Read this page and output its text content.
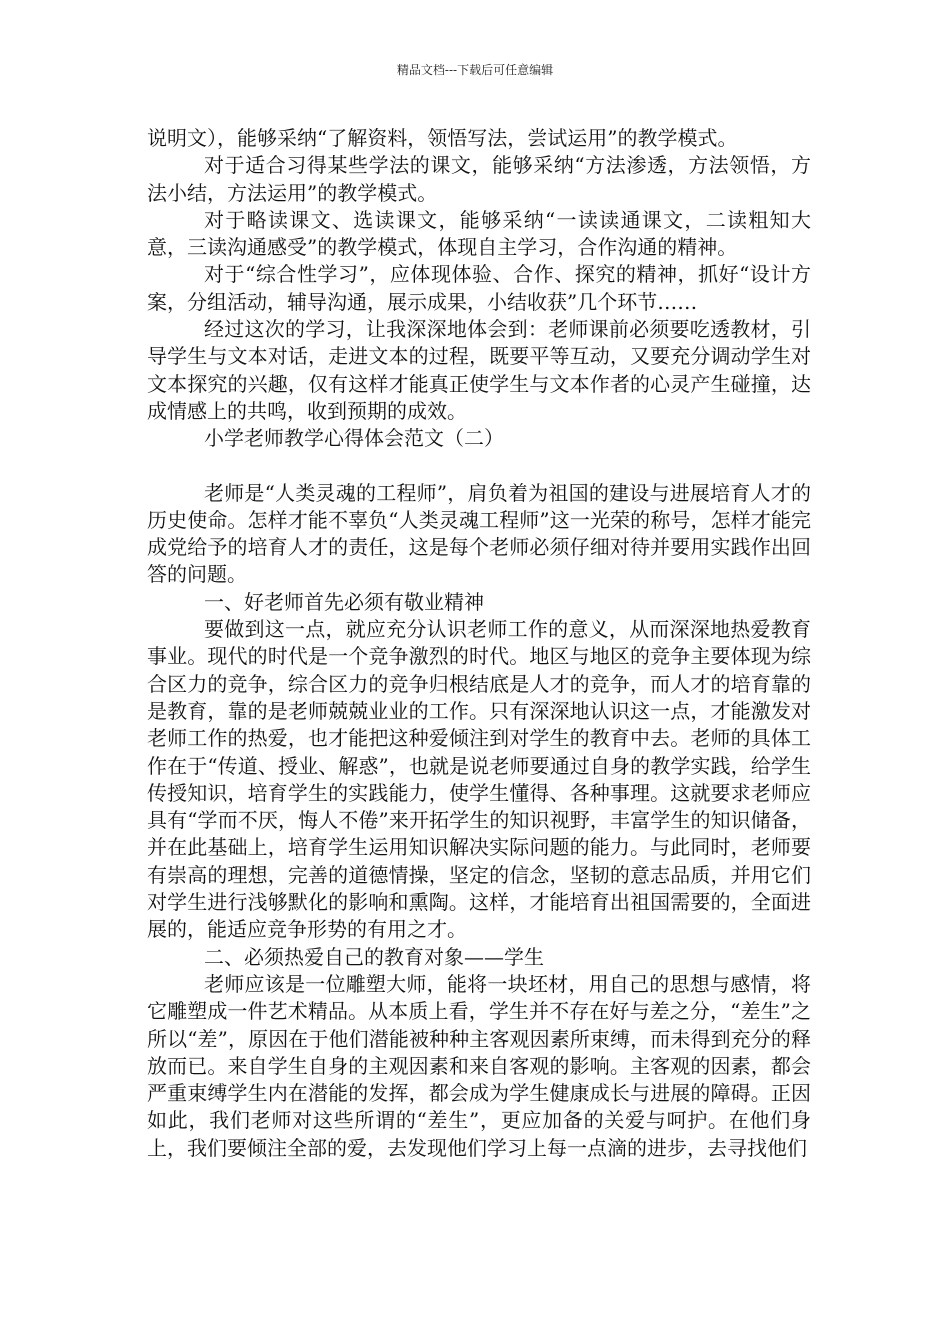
精品文档---下载后可任意编辑

说明文），能够采纳“了解资料，领悟写法，尝试运用”的教学模式。

对于适合习得某些学法的课文，能够采纳“方法渗透，方法领悟，方法小结，方法运用”的教学模式。

对于略读课文、选读课文，能够采纳“一读读通课文，二读粗知大意，三读沟通感受”的教学模式，体现自主学习，合作沟通的精神。

对于“综合性学习”，应体现体验、合作、探究的精神，抓好“设计方案，分组活动，辅导沟通，展示成果，小结收获”几个环节……

经过这次的学习，让我深深地体会到：老师课前必须要吃透教材，引导学生与文本对话，走进文本的过程，既要平等互动，又要充分调动学生对文本探究的兴趣，仅有这样才能真正使学生与文本作者的心灵产生碰撞，达成情感上的共鸣，收到预期的成效。

小学老师教学心得体会范文（二）

老师是“人类灵魂的工程师”，肩负着为祖国的建设与进展培育人才的历史使命。怎样才能不辜负“人类灵魂工程师”这一光荣的称号，怎样才能完成党给予的培育人才的责任，这是每个老师必须仔细对待并要用实践作出回答的问题。

一、好老师首先必须有敬业精神

要做到这一点，就应充分认识老师工作的意义，从而深深地热爱教育事业。现代的时代是一个竞争激烈的时代。地区与地区的竞争主要体现为综合区力的竞争，综合区力的竞争归根结底是人才的竞争，而人才的培育靠的是教育，靠的是老师兢兢业业的工作。只有深深地认识这一点，才能激发对老师工作的热爱，也才能把这种爱倾注到对学生的教育中去。老师的具体工作在于“传道、授业、解惑”，也就是说老师要通过自身的教学实践，给学生传授知识，培育学生的实践能力，使学生懂得、各种事理。这就要求老师应具有“学而不厌，悔人不倦”来开拓学生的知识视野，丰富学生的知识储备，并在此基础上，培育学生运用知识解决实际问题的能力。与此同时，老师要有崇高的理想，完善的道德情操，坚定的信念，坚韧的意志品质，并用它们对学生进行浅够默化的影响和熏陶。这样，才能培育出祖国需要的，全面进展的，能适应竞争形势的有用之才。

二、必须热爱自己的教育对象——学生

老师应该是一位雕塑大师，能将一块坯材，用自己的思想与感情，将它雕塑成一件艺术精品。从本质上看，学生并不存在好与差之分，“差生”之所以“差”，原因在于他们潜能被种种主客观因素所束缚，而未得到充分的释放而已。来自学生自身的主观因素和来自客观的影响。主客观的因素，都会严重束缚学生内在潜能的发挥，都会成为学生健康成长与进展的障碍。正因如此，我们老师对这些所谓的“差生”，更应加备的关爱与呵护。在他们身上，我们要倾注全部的爱，去发现他们学习上每一点滴的进步，去寻找他们
